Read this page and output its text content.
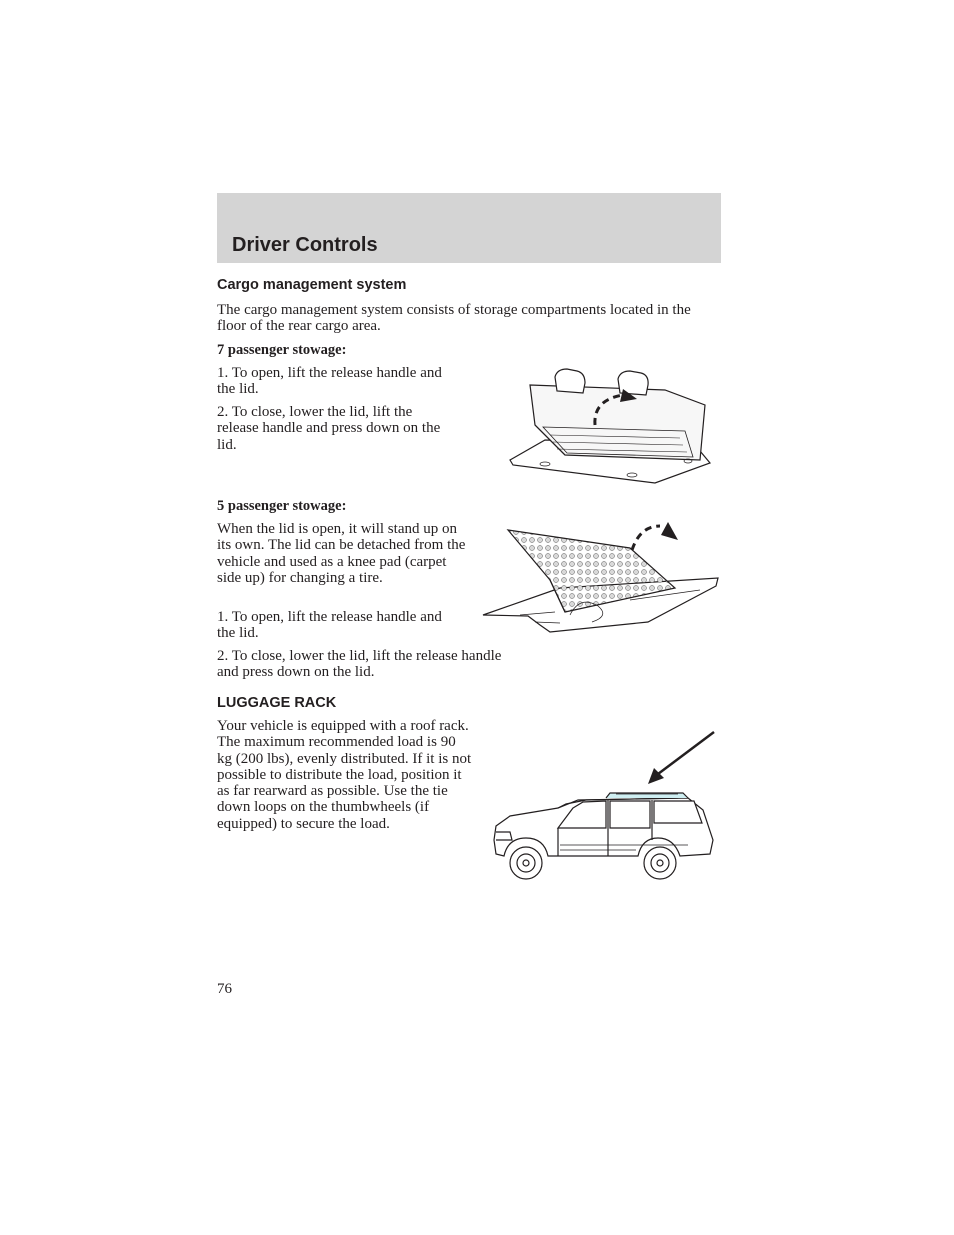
Driver Controls
Cargo management system

The cargo management system consists of storage compartments located in the floor of the rear cargo area.

7 passenger stowage:

1. To open, lift the release handle and the lid.

2. To close, lower the lid, lift the release handle and press down on the lid.

5 passenger stowage:

When the lid is open, it will stand up on its own. The lid can be detached from the vehicle and used as a knee pad (carpet side up) for changing a tire.

1. To open, lift the release handle and the lid.

2. To close, lower the lid, lift the release handle and press down on the lid.

LUGGAGE RACK

Your vehicle is equipped with a roof rack. The maximum recommended load is 90 kg (200 lbs), evenly distributed. If it is not possible to distribute the load, position it as far rearward as possible. Use the tie down loops on the thumbwheels (if equipped) to secure the load.

76
